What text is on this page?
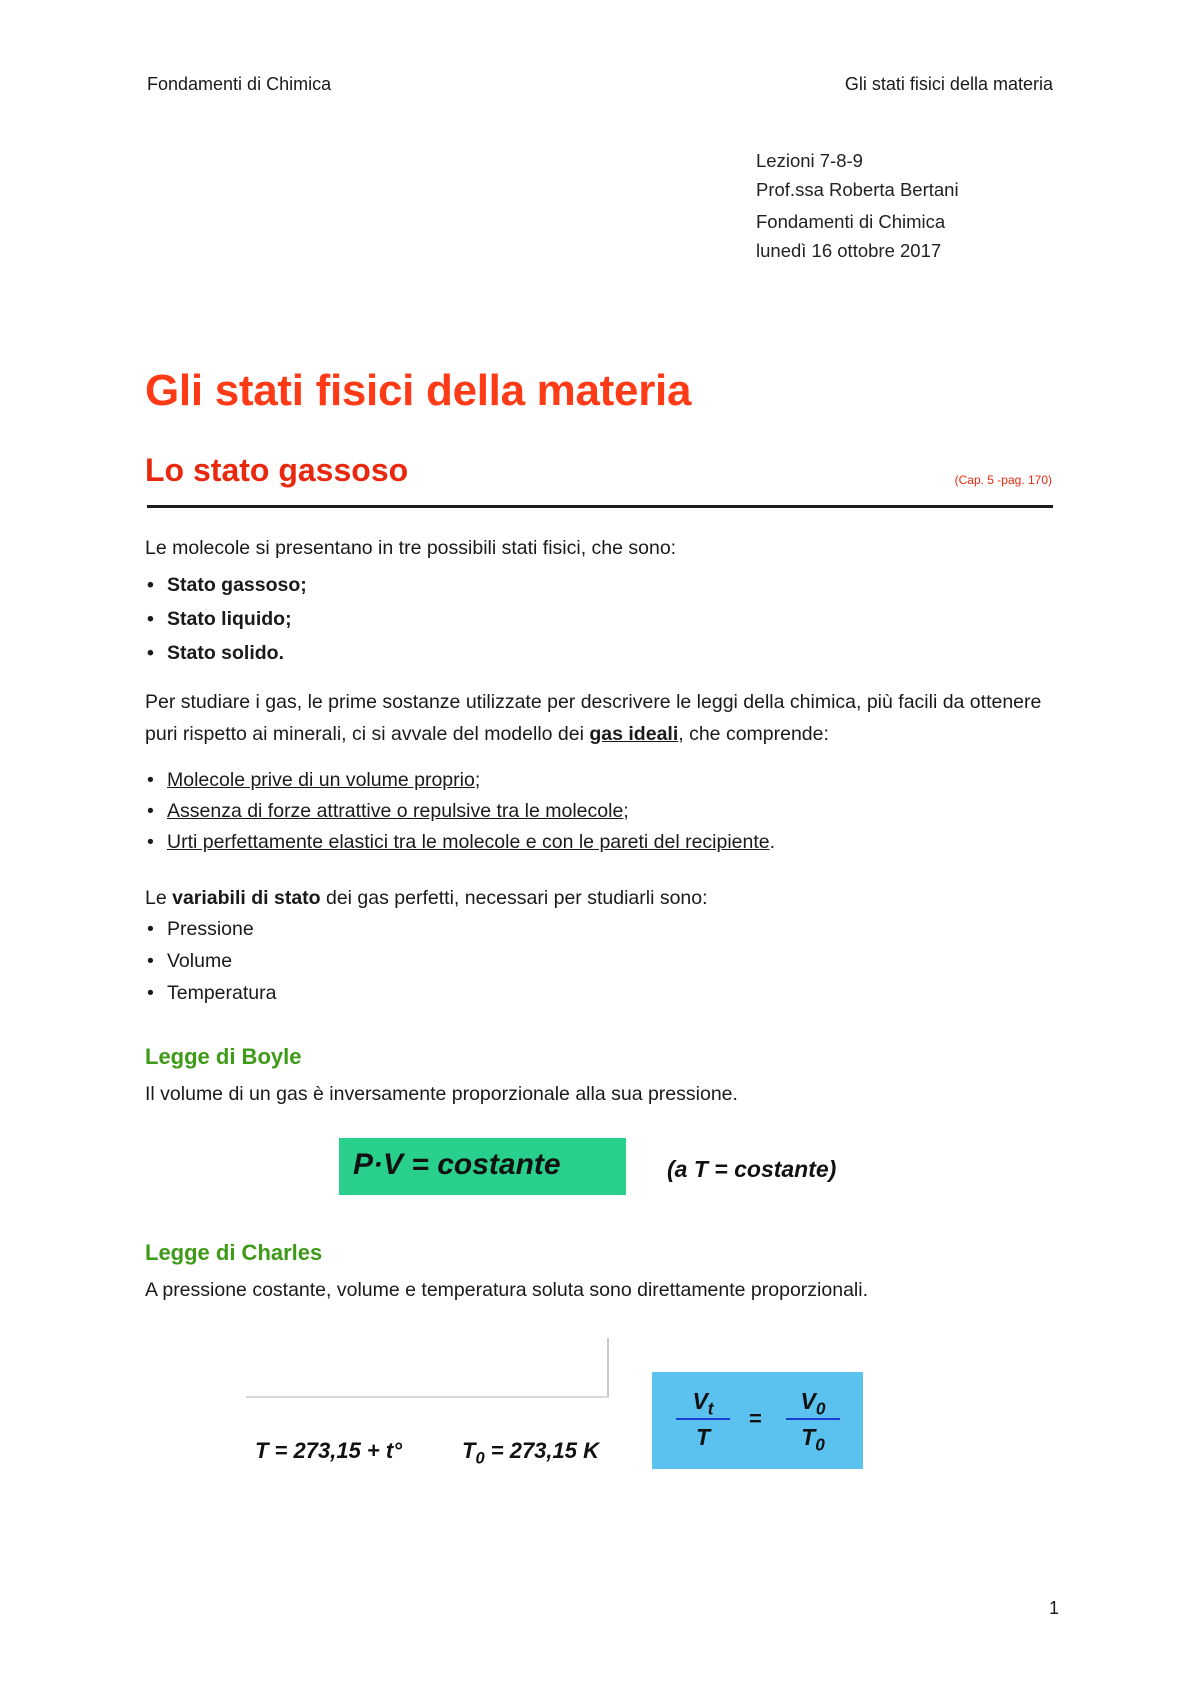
Fondamenti di Chimica	Gli stati fisici della materia
Lezioni 7-8-9
Prof.ssa Roberta Bertani
Fondamenti di Chimica
lunedì 16 ottobre 2017
Gli stati fisici della materia
Lo stato gassoso	(Cap. 5 -pag. 170)
Le molecole si presentano in tre possibili stati fisici, che sono:
• Stato gassoso;
• Stato liquido;
• Stato solido.
Per studiare i gas, le prime sostanze utilizzate per descrivere le leggi della chimica, più facili da ottenere puri rispetto ai minerali, ci si avvale del modello dei gas ideali, che comprende:
• Molecole prive di un volume proprio;
• Assenza di forze attrattive o repulsive tra le molecole;
• Urti perfettamente elastici tra le molecole e con le pareti del recipiente.
Le variabili di stato dei gas perfetti, necessari per studiarli sono:
• Pressione
• Volume
• Temperatura
Legge di Boyle
Il volume di un gas è inversamente proporzionale alla sua pressione.
P·V = costante	(a T = costante)
Legge di Charles
A pressione costante, volume e temperatura soluta sono direttamente proporzionali.
T = 273,15 + t°	$T_0 = 273,15$ K
$V_t$
T
=
$V_0$
$T_0$
1
